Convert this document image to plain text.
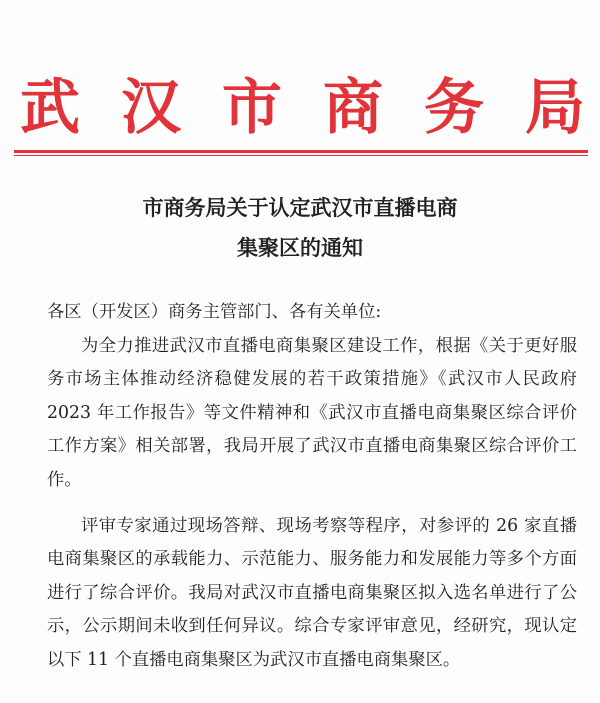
武 汉 市 商 务 局
市商务局关于认定武汉市直播电商
集聚区的通知
各区（开发区）商务主管部门、各有关单位:

为全力推进武汉市直播电商集聚区建设工作，根据《关于更好服务市场主体推动经济稳健发展的若干政策措施》《武汉市人民政府 2023 年工作报告》等文件精神和《武汉市直播电商集聚区综合评价工作方案》相关部署，我局开展了武汉市直播电商集聚区综合评价工作。

评审专家通过现场答辩、现场考察等程序，对参评的 26 家直播电商集聚区的承载能力、示范能力、服务能力和发展能力等多个方面进行了综合评价。我局对武汉市直播电商集聚区拟入选名单进行了公示，公示期间未收到任何异议。综合专家评审意见，经研究，现认定以下 11 个直播电商集聚区为武汉市直播电商集聚区。
